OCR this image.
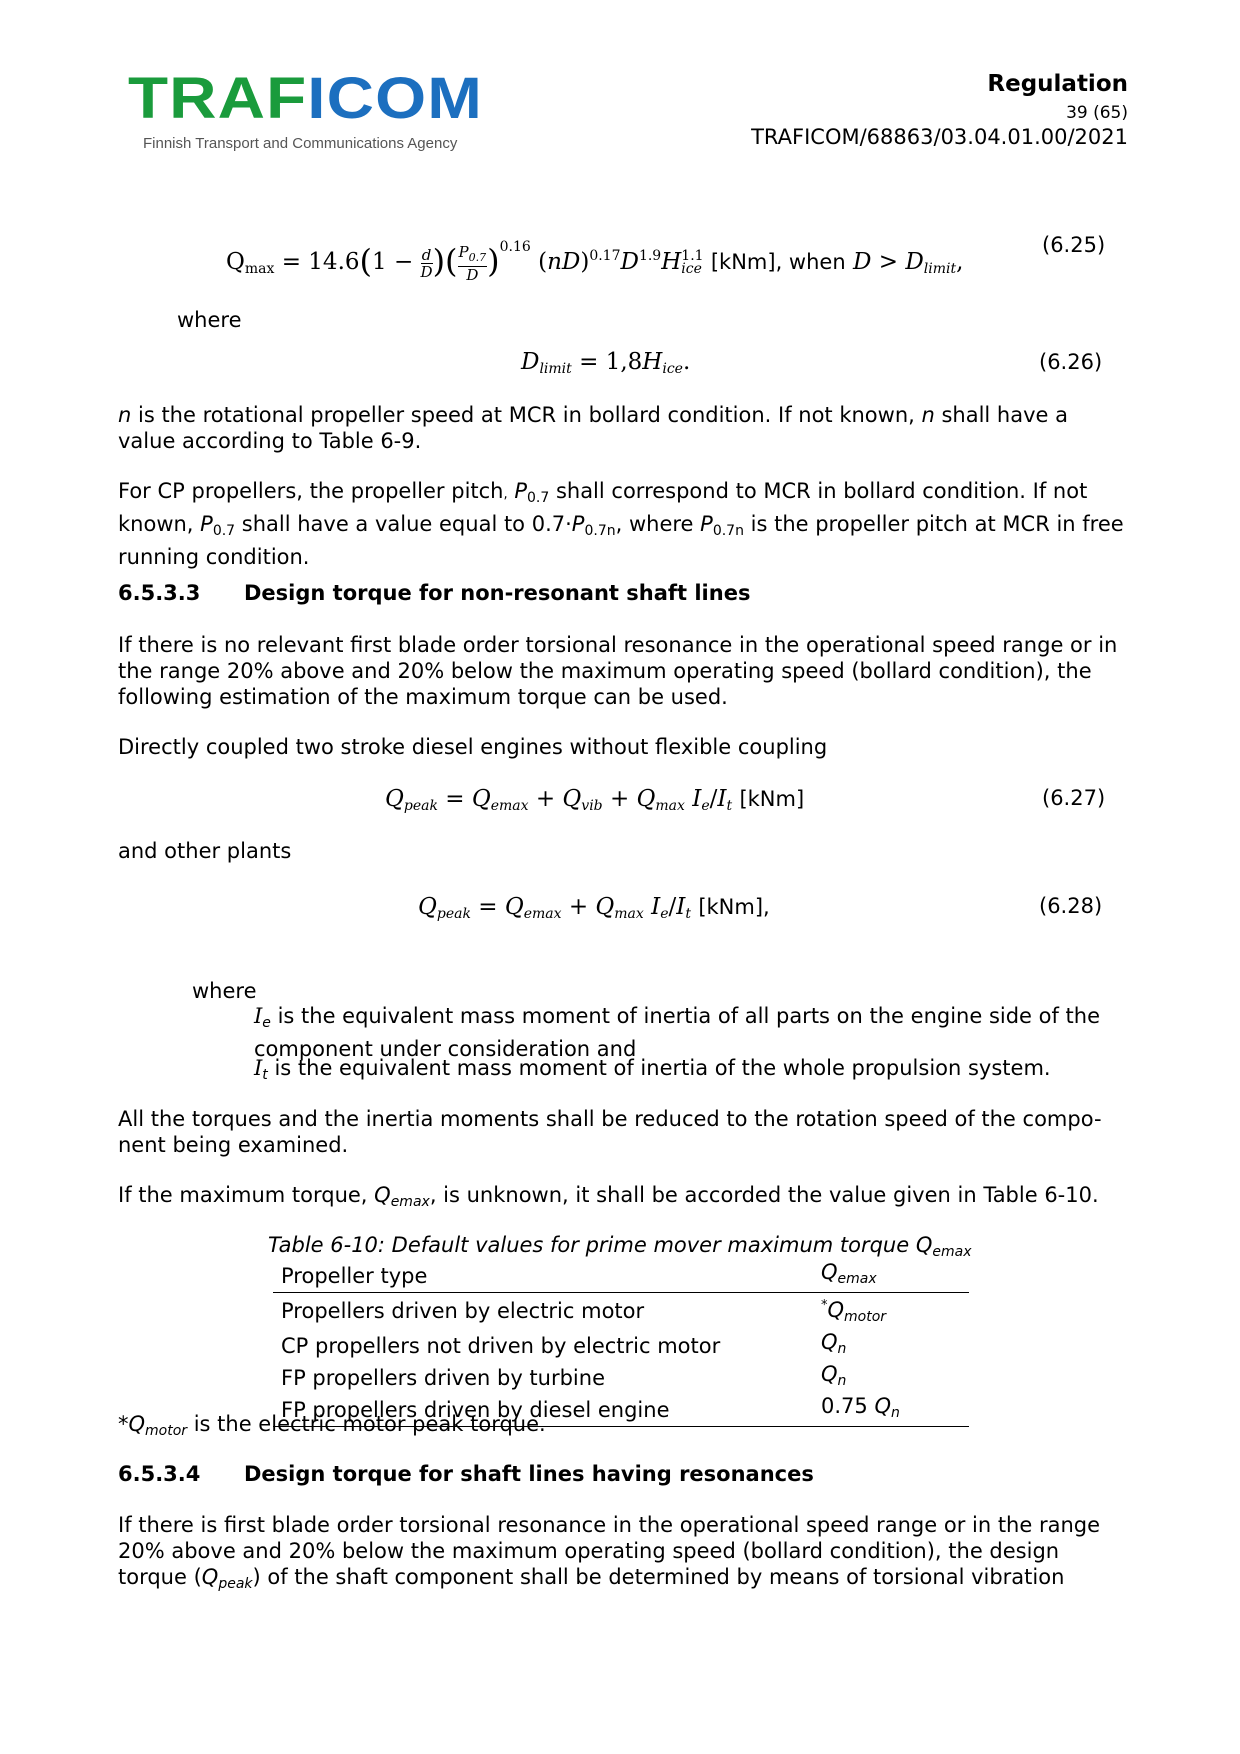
TRAF ICOM
Finnish Transport and Communications Agency
Regulation
39 (65)
TRAFICOM/68863/03.04.01.00/2021
$Q_{max} = 14.6(1 - \frac{d}{D}$ )( $\frac{P_{0.7}}{D} )^{0.16}$ $(nD)^{0.17}D^{1.9}H$ 1.1
ice [kNm], when $D > D_{limit}$,
(6.25)
where
$D_{limit} = 1,8H_{ice}$.	(6.26)
n is the rotational propeller speed at MCR in bollard condition. If not known, n shall have a value according to Table 6-9.
For CP propellers, the propeller pitch, $P_{0.7}$ shall correspond to MCR in bollard condition. If not known, $P_{0.7}$ shall have a value equal to $0.7\cdot P_{0.7n}$, where $P_{0.7n}$ is the propeller pitch at MCR in free running condition.
6.5.3.3 Design torque for non-resonant shaft lines
If there is no relevant first blade order torsional resonance in the operational speed range or in the range 20% above and 20% below the maximum operating speed (bollard condition), the following estimation of the maximum torque can be used.
Directly coupled two stroke diesel engines without flexible coupling
$Q_{peak} = Q_{emax} + Q_{vib} + Q_{max}$ $I_e/I_t$ [kNm]	(6.27)
and other plants
$Q_{peak} = Q_{emax} + Q_{max}$ $I_e/I_t$ [kNm],	(6.28)
where
$I_e$ is the equivalent mass moment of inertia of all parts on the engine side of the component under consideration and
$I_t$ is the equivalent mass moment of inertia of the whole propulsion system.
All the torques and the inertia moments shall be reduced to the rotation speed of the compo-nent being examined.
If the maximum torque, $Q_{emax}$, is unknown, it shall be accorded the value given in Table 6-10.
Table 6-10: Default values for prime mover maximum torque $Q_{emax}$
Propeller type	$Q_{emax}$
Propellers driven by electric motor	$^*Q_{motor}$
CP propellers not driven by electric motor	$Q_n$
FP propellers driven by turbine	$Q_n$
FP propellers driven by diesel engine	0.75 $Q_n$
$*Q_{motor}$ is the electric motor peak torque.
6.5.3.4 Design torque for shaft lines having resonances
If there is first blade order torsional resonance in the operational speed range or in the range 20% above and 20% below the maximum operating speed (bollard condition), the design torque $(Q_{peak})$ of the shaft component shall be determined by means of torsional vibration
